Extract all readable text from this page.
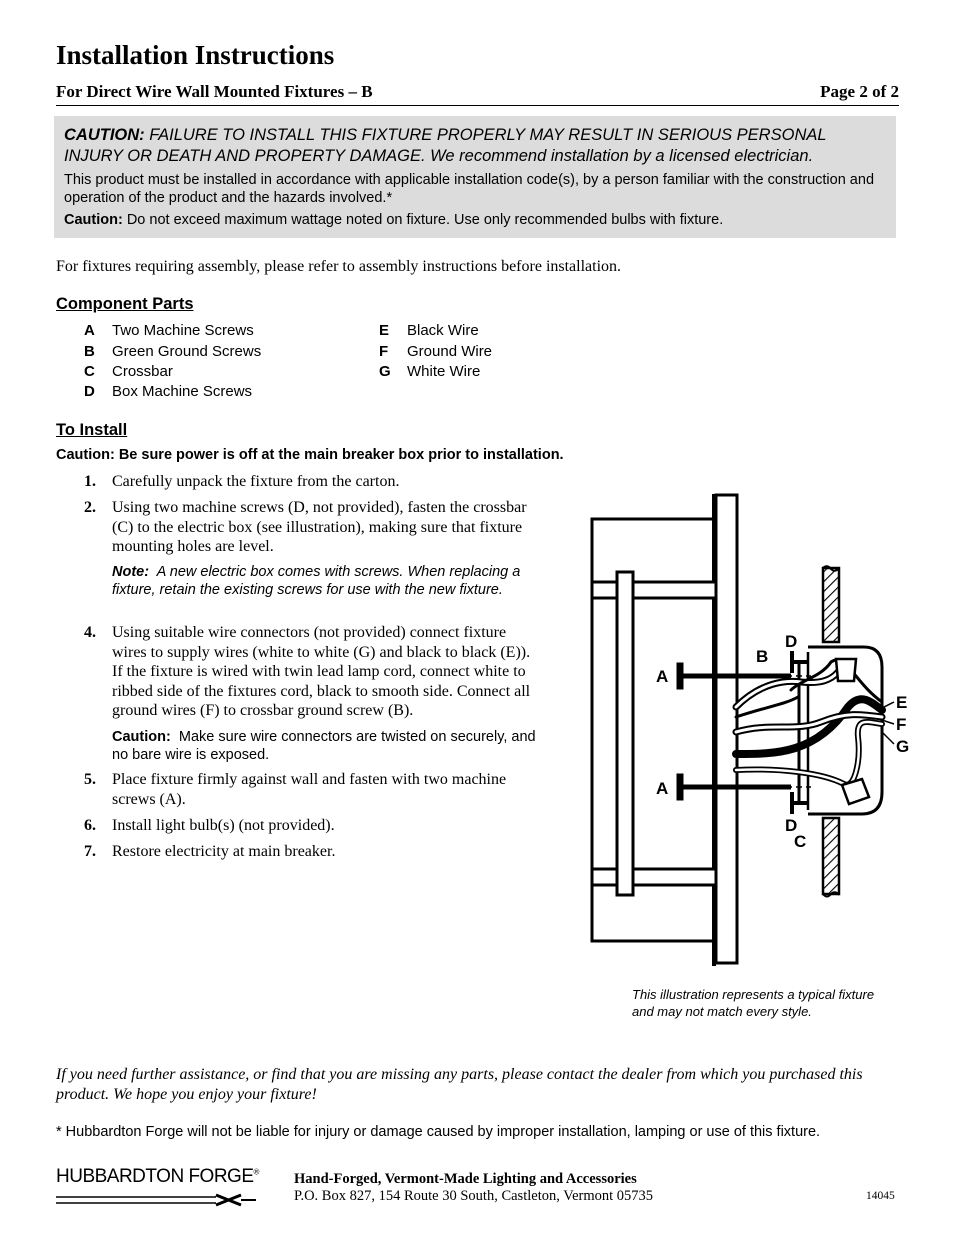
Installation Instructions
For Direct Wire Wall Mounted Fixtures – B	Page 2 of 2
CAUTION: FAILURE TO INSTALL THIS FIXTURE PROPERLY MAY RESULT IN SERIOUS PERSONAL INJURY OR DEATH AND PROPERTY DAMAGE. We recommend installation by a licensed electrician.
This product must be installed in accordance with applicable installation code(s), by a person familiar with the construction and operation of the product and the hazards involved.*
Caution: Do not exceed maximum wattage noted on fixture. Use only recommended bulbs with fixture.
For fixtures requiring assembly, please refer to assembly instructions before installation.
Component Parts
A Two Machine Screws
B Green Ground Screws
C Crossbar
D Box Machine Screws
E Black Wire
F Ground Wire
G White Wire
To Install
Caution: Be sure power is off at the main breaker box prior to installation.
1. Carefully unpack the fixture from the carton.
2. Using two machine screws (D, not provided), fasten the crossbar (C) to the electric box (see illustration), making sure that fixture mounting holes are level.
Note: A new electric box comes with screws. When replacing a fixture, retain the existing screws for use with the new fixture.
4. Using suitable wire connectors (not provided) connect fixture wires to supply wires (white to white (G) and black to black (E)). If the fixture is wired with twin lead lamp cord, connect white to ribbed side of the fixtures cord, black to smooth side. Connect all ground wires (F) to crossbar ground screw (B).
Caution: Make sure wire connectors are twisted on securely, and no bare wire is exposed.
5. Place fixture firmly against wall and fasten with two machine screws (A).
6. Install light bulb(s) (not provided).
7. Restore electricity at main breaker.
A
A
B
D
D
C
E
F
G
This illustration represents a typical fixture and may not match every style.
If you need further assistance, or find that you are missing any parts, please contact the dealer from which you purchased this product. We hope you enjoy your fixture!
* Hubbardton Forge will not be liable for injury or damage caused by improper installation, lamping or use of this fixture.
HUBBARDTON FORGE® Hand-Forged, Vermont-Made Lighting and Accessories
P.O. Box 827, 154 Route 30 South, Castleton, Vermont 05735	14045
